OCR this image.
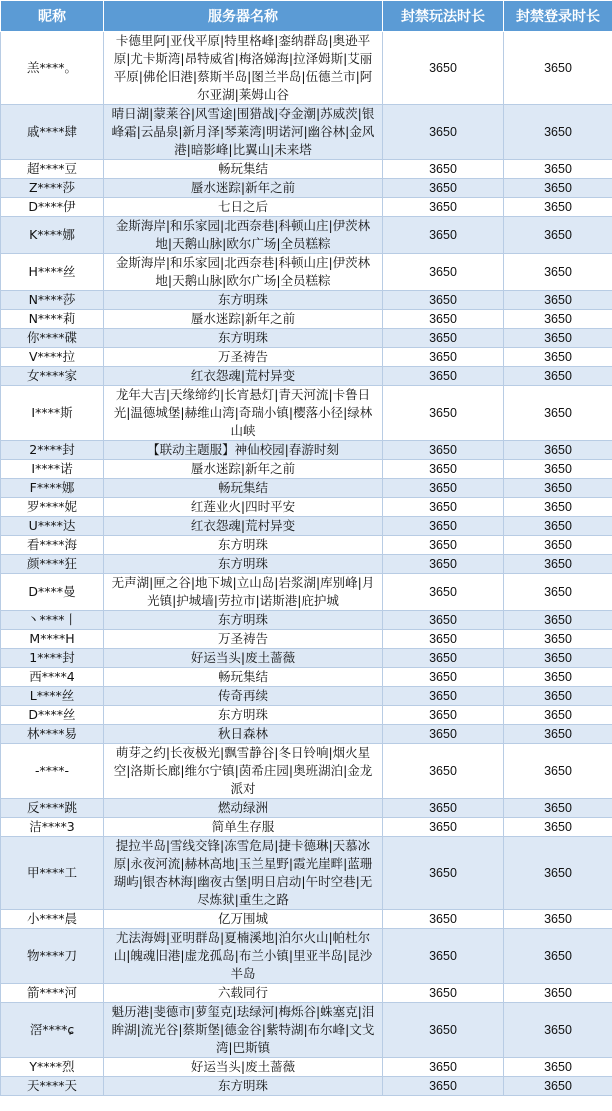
昵称	服务器名称	封禁玩法时长	封禁登录时长
羔****。	卡德里阿|亚伐平原|特里格峰|銮纳群岛|奥逊平原|尤卡斯湾|昂特威省|梅洛娣海|拉泽姆斯|艾丽平原|佛伦旧港|蔡斯半岛|图兰半岛|伍德兰市|阿尔亚湖|莱姆山谷	3650	3650
戚****肆	晴日湖|蒙莱谷|风雪途|围猎战|夺金潮|苏威茨|银峰霜|云晶泉|新月泽|琴莱湾|明诺河|幽谷林|金风港|暗影峰|比翼山|未来塔	3650	3650
超****豆	畅玩集结	3650	3650
Z****莎	蜃水迷踪|新年之前	3650	3650
D****伊	七日之后	3650	3650
K****娜	金斯海岸|和乐家园|北西奈巷|科顿山庄|伊茨林地|天鹅山脉|欧尔广场|全员糕粽	3650	3650
H****丝	金斯海岸|和乐家园|北西奈巷|科顿山庄|伊茨林地|天鹅山脉|欧尔广场|全员糕粽	3650	3650
N****莎	东方明珠	3650	3650
N****莉	蜃水迷踪|新年之前	3650	3650
你****碟	东方明珠	3650	3650
V****拉	万圣祷告	3650	3650
女****家	红衣怨魂|荒村异变	3650	3650
I****斯	龙年大吉|天缘缔约|长宵悬灯|青天河流|卡鲁日光|温德城堡|赫维山湾|奇瑞小镇|樱落小径|绿林山峡	3650	3650
2****封	【联动主题服】神仙校园|春游时刻	3650	3650
I****诺	蜃水迷踪|新年之前	3650	3650
F****娜	畅玩集结	3650	3650
罗****妮	红莲业火|四时平安	3650	3650
U****达	红衣怨魂|荒村异变	3650	3650
看****海	东方明珠	3650	3650
颜****狂	东方明珠	3650	3650
D****曼	无声湖|匣之谷|地下城|立山岛|岩浆湖|库别峰|月光镇|护城墙|劳拉市|诺斯港|庇护城	3650	3650
丶****丨	东方明珠	3650	3650
M****H	万圣祷告	3650	3650
1****封	好运当头|废土蔷薇	3650	3650
西****4	畅玩集结	3650	3650
L****丝	传奇再续	3650	3650
D****丝	东方明珠	3650	3650
林****易	秋日森林	3650	3650
-****-	萌芽之约|长夜极光|飘雪静谷|冬日铃响|烟火星空|洛斯长廊|维尔宁镇|茵希庄园|奥班湖泊|金龙派对	3650	3650
反****跳	燃动绿洲	3650	3650
洁****3	简单生存服	3650	3650
甲****工	提拉半岛|雪线交锋|冻雪危局|捷卡德琳|天慕冰原|永夜河流|赫林高地|玉兰星野|霞光崖畔|蓝珊瑚屿|银杏林海|幽夜古堡|明日启动|午时空巷|无尽炼狱|重生之路	3650	3650
小****晨	亿万围城	3650	3650
物****刀	尤法海姆|亚明群岛|夏楠溪地|泊尔火山|帕杜尔山|魄魂旧港|虚龙孤岛|布兰小镇|里亚半岛|昆沙半岛	3650	3650
箭****河	六载同行	3650	3650
滘****ɕ	魁历港|斐德市|萝玺克|珐绿河|梅烁谷|蛛塞克|泪眸湖|流光谷|蔡斯堡|德金谷|紫特湖|布尔峰|文戈湾|巴斯镇	3650	3650
Y****烈	好运当头|废土蔷薇	3650	3650
天****天	东方明珠	3650	3650
